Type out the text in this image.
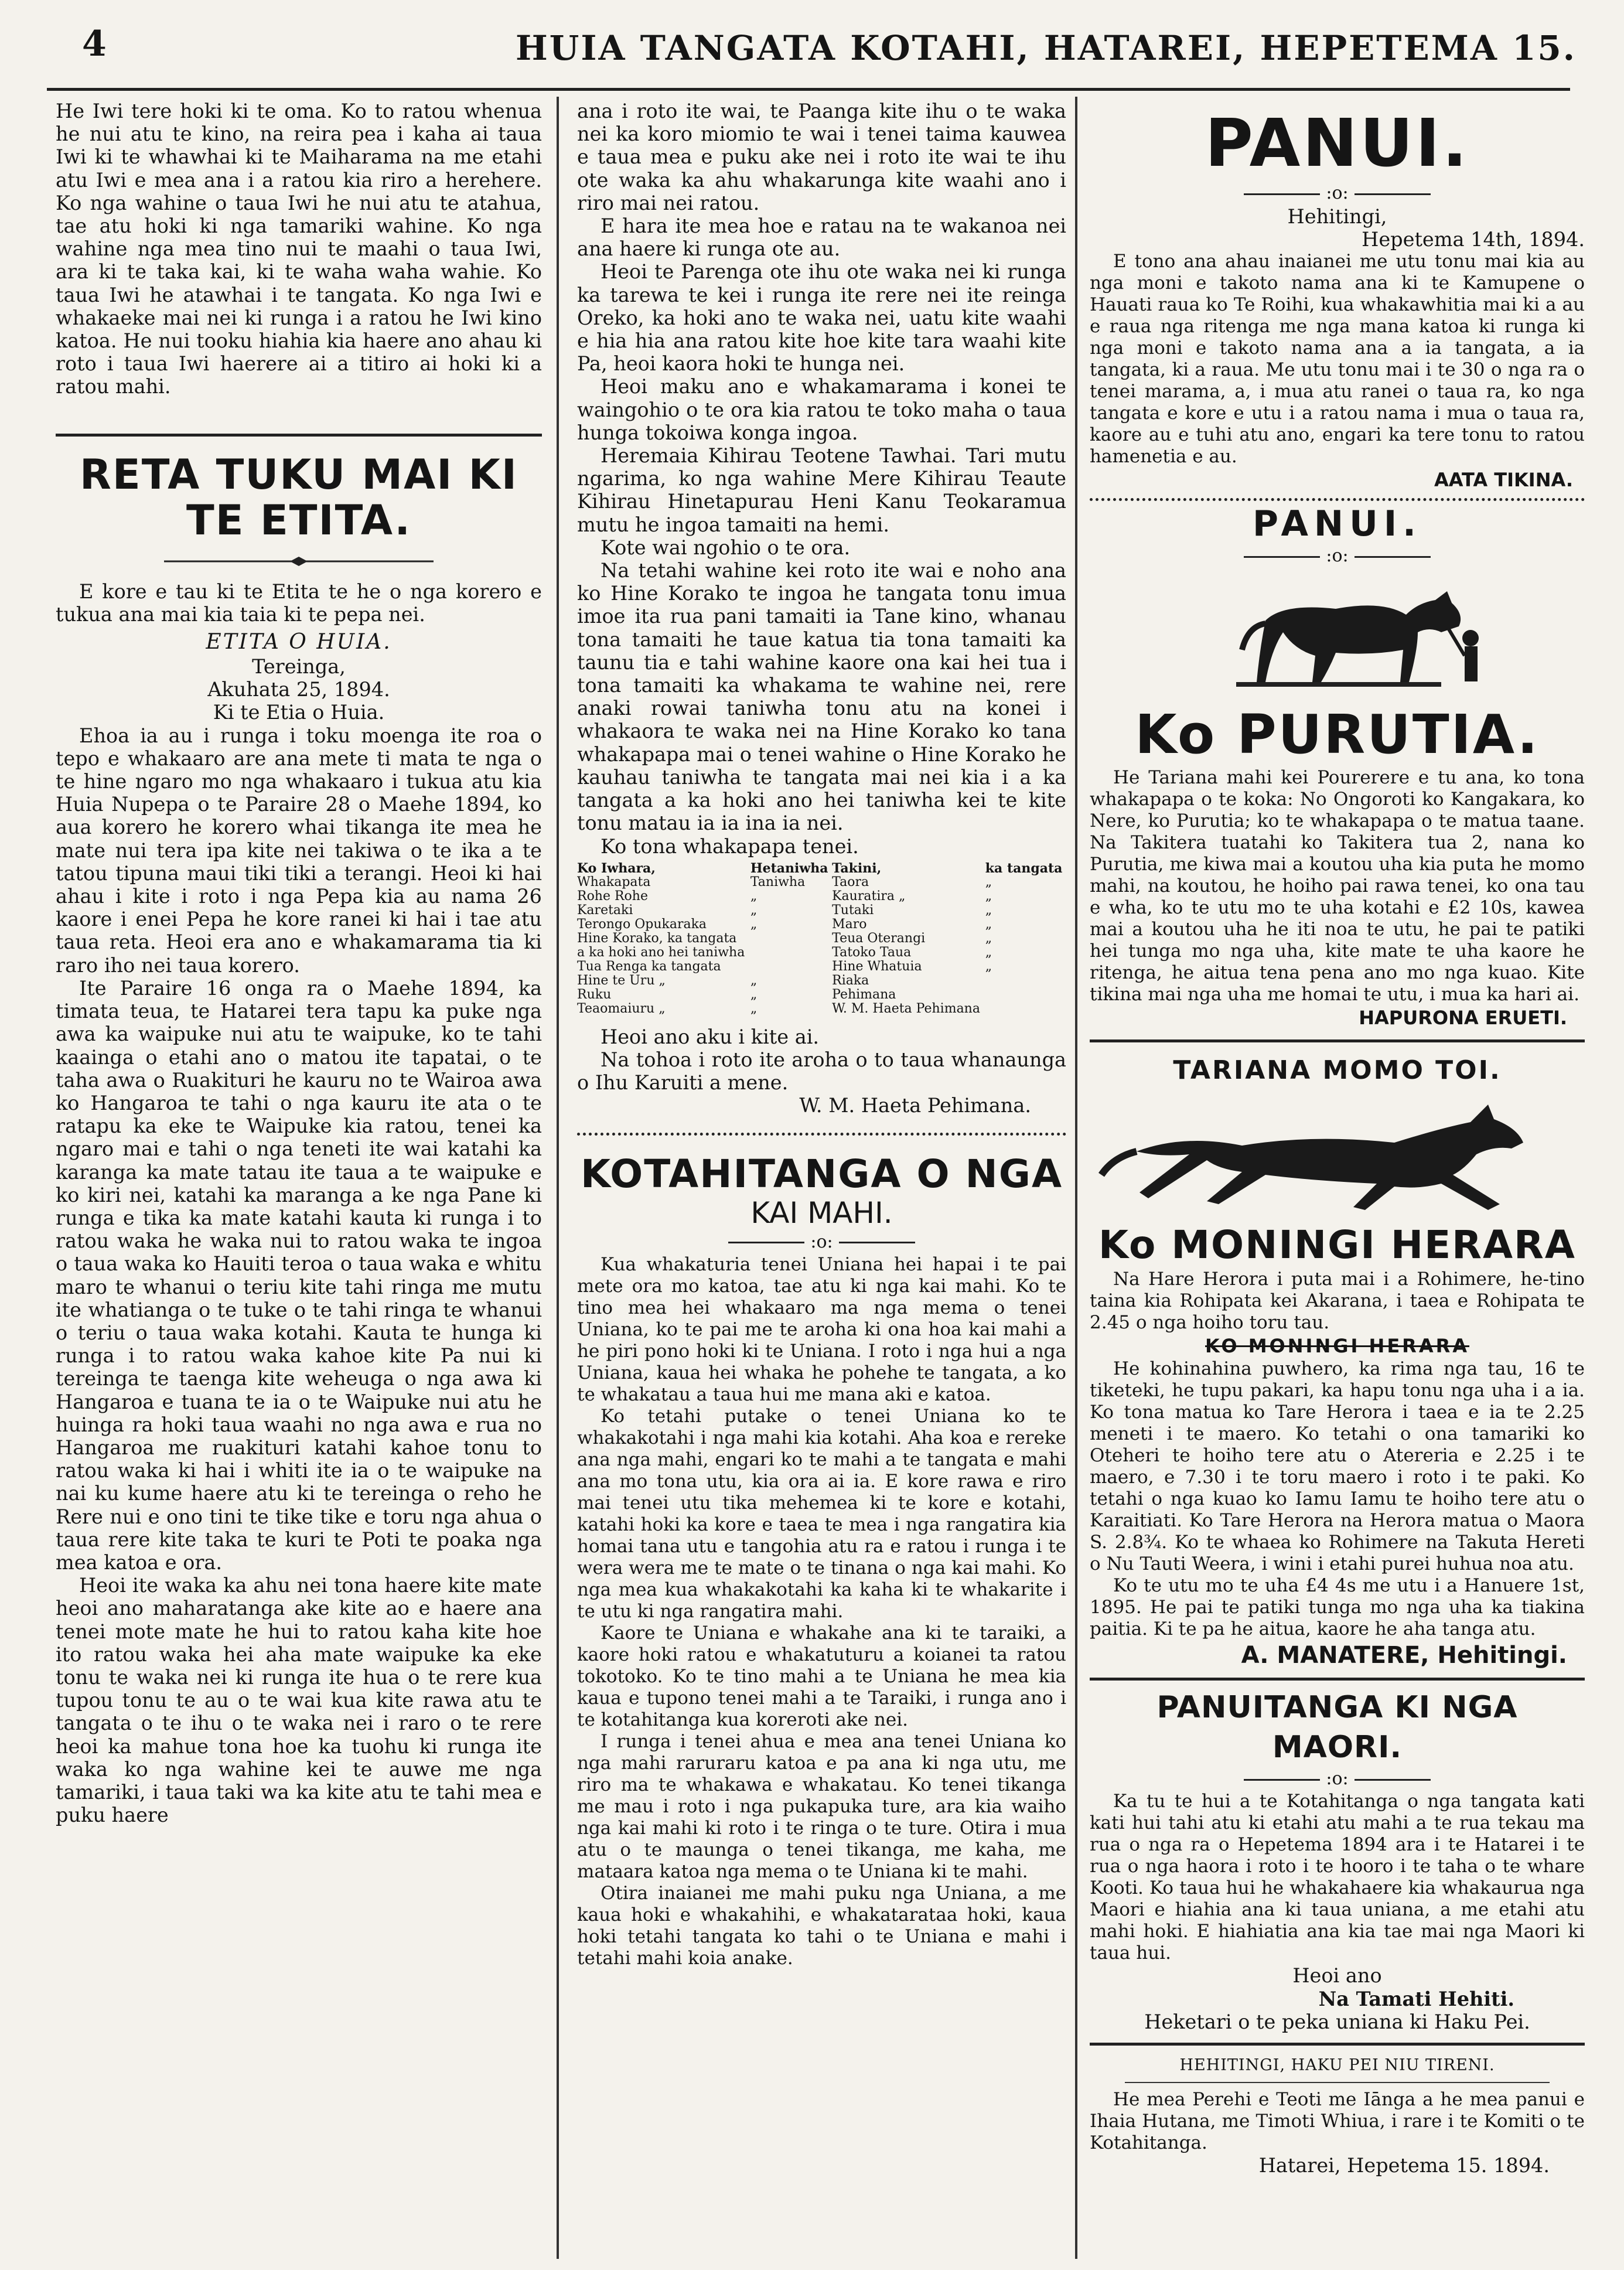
4	HUIA TANGATA KOTAHI, HATAREI, HEPETEMA 15.

He Iwi tere hoki ki te oma. Ko to ratou whenua he nui atu te kino, na reira pea i kaha ai taua Iwi ki te whawhai ki te Maiharama na me etahi atu Iwi e mea ana i a ratou kia riro a herehere. Ko nga wahine o taua Iwi he nui atu te atahua, tae atu hoki ki nga tamariki wahine. Ko nga wahine nga mea tino nui te maahi o taua Iwi, ara ki te taka kai, ki te waha waha wahie. Ko taua Iwi he atawhai i te tangata. Ko nga Iwi e whakaeke mai nei ki runga i a ratou he Iwi kino katoa. He nui tooku hiahia kia haere ano ahau ki roto i taua Iwi haerere ai a titiro ai hoki ki a ratou mahi.

RETA TUKU MAI KI TE ETITA.

E kore e tau ki te Etita te he o nga korero e tukua ana mai kia taia ki te pepa nei.

ETITA O HUIA.

Tereinga,

Akuhata 25, 1894.

Ki te Etia o Huia.

Ehoa ia au i runga i toku moenga ite roa o tepo e whakaaro are ana mete ti mata te nga o te hine ngaro mo nga whakaaro i tukua atu kia Huia Nupepa o te Paraire 28 o Maehe 1894, ko aua korero he korero whai tikanga ite mea he mate nui tera ipa kite nei takiwa o te ika a te tatou tipuna maui tiki tiki a terangi. Heoi ki hai ahau i kite i roto i nga Pepa kia au nama 26 kaore i enei Pepa he kore ranei ki hai i tae atu taua reta. Heoi era ano e whakamarama tia ki raro iho nei taua korero.

Ite Paraire 16 onga ra o Maehe 1894, ka timata teua, te Hatarei tera tapu ka puke nga awa ka waipuke nui atu te waipuke, ko te tahi kaainga o etahi ano o matou ite tapatai, o te taha awa o Ruakituri he kauru no te Wairoa awa ko Hangaroa te tahi o nga kauru ite ata o te ratapu ka eke te Waipuke kia ratou, tenei ka ngaro mai e tahi o nga teneti ite wai katahi ka karanga ka mate tatau ite taua a te waipuke e ko kiri nei, katahi ka maranga a ke nga Pane ki runga e tika ka mate katahi kauta ki runga i to ratou waka he waka nui to ratou waka te ingoa o taua waka ko Hauiti teroa o taua waka e whitu maro te whanui o teriu kite tahi ringa me mutu ite whatianga o te tuke o te tahi ringa te whanui o teriu o taua waka kotahi. Kauta te hunga ki runga i to ratou waka kahoe kite Pa nui ki tereinga te taenga kite weheuga o nga awa ki Hangaroa e tuana te ia o te Waipuke nui atu he huinga ra hoki taua waahi no nga awa e rua no Hangaroa me ruakituri katahi kahoe tonu to ratou waka ki hai i whiti ite ia o te waipuke na nai ku kume haere atu ki te tereinga o reho he Rere nui e ono tini te tike tike e toru nga ahua o taua rere kite taka te kuri te Poti te poaka nga mea katoa e ora.

Heoi ite waka ka ahu nei tona haere kite mate heoi ano maharatanga ake kite ao e haere ana tenei mote mate he hui to ratou kaha kite hoe ito ratou waka hei aha mate waipuke ka eke tonu te waka nei ki runga ite hua o te rere kua tupou tonu te au o te wai kua kite rawa atu te tangata o te ihu o te waka nei i raro o te rere heoi ka mahue tona hoe ka tuohu ki runga ite waka ko nga wahine kei te auwe me nga tamariki, i taua taki wa ka kite atu te tahi mea e puku haere

ana i roto ite wai, te Paanga kite ihu o te waka nei ka koro miomio te wai i tenei taima kauwea e taua mea e puku ake nei i roto ite wai te ihu ote waka ka ahu whakarunga kite waahi ano i riro mai nei ratou.

E hara ite mea hoe e ratau na te wakanoa nei ana haere ki runga ote au.

Heoi te Parenga ote ihu ote waka nei ki runga ka tarewa te kei i runga ite rere nei ite reinga Oreko, ka hoki ano te waka nei, uatu kite waahi e hia hia ana ratou kite hoe kite tara waahi kite Pa, heoi kaora hoki te hunga nei.

Heoi maku ano e whakamarama i konei te waingohio o te ora kia ratou te toko maha o taua hunga tokoiwa konga ingoa.

Heremaia Kihirau Teotene Tawhai. Tari mutu ngarima, ko nga wahine Mere Kihirau Teaute Kihirau Hinetapurau Heni Kanu Teokaramua mutu he ingoa tamaiti na hemi.

Kote wai ngohio o te ora.

Na tetahi wahine kei roto ite wai e noho ana ko Hine Korako te ingoa he tangata tonu imua imoe ita rua pani tamaiti ia Tane kino, whanau tona tamaiti he taue katua tia tona tamaiti ka taunu tia e tahi wahine kaore ona kai hei tua i tona tamaiti ka whakama te wahine nei, rere anaki rowai taniwha tonu atu na konei i whakaora te waka nei na Hine Korako ko tana whakapapa mai o tenei wahine o Hine Korako he kauhau taniwha te tangata mai nei kia i a ka tangata a ka hoki ano hei taniwha kei te kite tonu matau ia ia ina ia nei.

Ko tona whakapapa tenei.

Ko Iwhara,	Hetaniwha	Takini,	ka tangata
Whakapata	Taniwha	Taora	„
Rohe Rohe	„	Kauratira „	„
Karetaki	„	Tutaki	„
Terongo Opukaraka	„	Maro	„
Hine Korako, ka tangata		Teua Oterangi	„
a ka hoki ano hei taniwha		Tatoko Taua	„
Tua Renga ka tangata		Hine Whatuia	„
Hine te Uru „	„	Riaka	
Ruku	„	Pehimana	
Teaomaiuru „	„	W. M. Haeta Pehimana	

Heoi ano aku i kite ai.

Na tohoa i roto ite aroha o to taua whanaunga o Ihu Karuiti a mene.

W. M. Haeta Pehimana.

KOTAHITANGA O NGA
KAI MAHI.
:o:

Kua whakaturia tenei Uniana hei hapai i te pai mete ora mo katoa, tae atu ki nga kai mahi. Ko te tino mea hei whakaaro ma nga mema o tenei Uniana, ko te pai me te aroha ki ona hoa kai mahi a he piri pono hoki ki te Uniana. I roto i nga hui a nga Uniana, kaua hei whaka he pohehe te tangata, a ko te whakatau a taua hui me mana aki e katoa.

Ko tetahi putake o tenei Uniana ko te whakakotahi i nga mahi kia kotahi. Aha koa e rereke ana nga mahi, engari ko te mahi a te tangata e mahi ana mo tona utu, kia ora ai ia. E kore rawa e riro mai tenei utu tika mehemea ki te kore e kotahi, katahi hoki ka kore e taea te mea i nga rangatira kia homai tana utu e tangohia atu ra e ratou i runga i te wera wera me te mate o te tinana o nga kai mahi. Ko nga mea kua whakakotahi ka kaha ki te whakarite i te utu ki nga rangatira mahi.

Kaore te Uniana e whakahe ana ki te taraiki, a kaore hoki ratou e whakatuturu a koianei ta ratou tokotoko. Ko te tino mahi a te Uniana he mea kia kaua e tupono tenei mahi a te Taraiki, i runga ano i te kotahitanga kua koreroti ake nei.

I runga i tenei ahua e mea ana tenei Uniana ko nga mahi raruraru katoa e pa ana ki nga utu, me riro ma te whakawa e whakatau. Ko tenei tikanga me mau i roto i nga pukapuka ture, ara kia waiho nga kai mahi ki roto i te ringa o te ture. Otira i mua atu o te maunga o tenei tikanga, me kaha, me mataara katoa nga mema o te Uniana ki te mahi.

Otira inaianei me mahi puku nga Uniana, a me kaua hoki e whakahihi, e whakatarataa hoki, kaua hoki tetahi tangata ko tahi o te Uniana e mahi i tetahi mahi koia anake.

PANUI.
:o:

Hehitingi,

Hepetema 14th, 1894.

E tono ana ahau inaianei me utu tonu mai kia au nga moni e takoto nama ana ki te Kamupene o Hauati raua ko Te Roihi, kua whakawhitia mai ki a au e raua nga ritenga me nga mana katoa ki runga ki nga moni e takoto nama ana a ia tangata, a ia tangata, ki a raua. Me utu tonu mai i te 30 o nga ra o tenei marama, a, i mua atu ranei o taua ra, ko nga tangata e kore e utu i a ratou nama i mua o taua ra, kaore au e tuhi atu ano, engari ka tere tonu to ratou hamenetia e au.

AATA TIKINA.
PANUI.
:o:
Ko PURUTIA.

He Tariana mahi kei Pourerere e tu ana, ko tona whakapapa o te koka: No Ongoroti ko Kangakara, ko Nere, ko Purutia; ko te whakapapa o te matua taane. Na Takitera tuatahi ko Takitera tua 2, nana ko Purutia, me kiwa mai a koutou uha kia puta he momo mahi, na koutou, he hoiho pai rawa tenei, ko ona tau e wha, ko te utu mo te uha kotahi e £2 10s, kawea mai a koutou uha he iti noa te utu, he pai te patiki hei tunga mo nga uha, kite mate te uha kaore he ritenga, he aitua tena pena ano mo nga kuao. Kite tikina mai nga uha me homai te utu, i mua ka hari ai.

HAPURONA ERUETI.
TARIANA MOMO TOI.
Ko MONINGI HERARA

Na Hare Herora i puta mai i a Rohimere, he-tino taina kia Rohipata kei Akarana, i taea e Rohipata te 2.45 o nga hoiho toru tau.

KO MONINGI HERARA

He kohinahina puwhero, ka rima nga tau, 16 te tiketeki, he tupu pakari, ka hapu tonu nga uha i a ia. Ko tona matua ko Tare Herora i taea e ia te 2.25 meneti i te maero. Ko tetahi o ona tamariki ko Oteheri te hoiho tere atu o Atereria e 2.25 i te maero, e 7.30 i te toru maero i roto i te paki. Ko tetahi o nga kuao ko Iamu Iamu te hoiho tere atu o Karaitiati. Ko Tare Herora na Herora matua o Maora S. 2.8¾. Ko te whaea ko Rohimere na Takuta Hereti o Nu Tauti Weera, i wini i etahi purei huhua noa atu.

Ko te utu mo te uha £4 4s me utu i a Hanuere 1st, 1895. He pai te patiki tunga mo nga uha ka tiakina paitia. Ki te pa he aitua, kaore he aha tanga atu.

A. MANATERE, Hehitingi.
PANUITANGA KI NGA MAORI.
:o:

Ka tu te hui a te Kotahitanga o nga tangata kati kati hui tahi atu ki etahi atu mahi a te rua tekau ma rua o nga ra o Hepetema 1894 ara i te Hatarei i te rua o nga haora i roto i te hooro i te taha o te whare Kooti. Ko taua hui he whakahaere kia whakaurua nga Maori e hiahia ana ki taua uniana, a me etahi atu mahi hoki. E hiahiatia ana kia tae mai nga Maori ki taua hui.

Heoi ano

Na Tamati Hehiti.

Heketari o te peka uniana ki Haku Pei.

HEHITINGI, HAKU PEI NIU TIRENI.

He mea Perehi e Teoti me Iānga a he mea panui e Ihaia Hutana, me Timoti Whiua, i rare i te Komiti o te Kotahitanga.

Hatarei, Hepetema 15. 1894.
